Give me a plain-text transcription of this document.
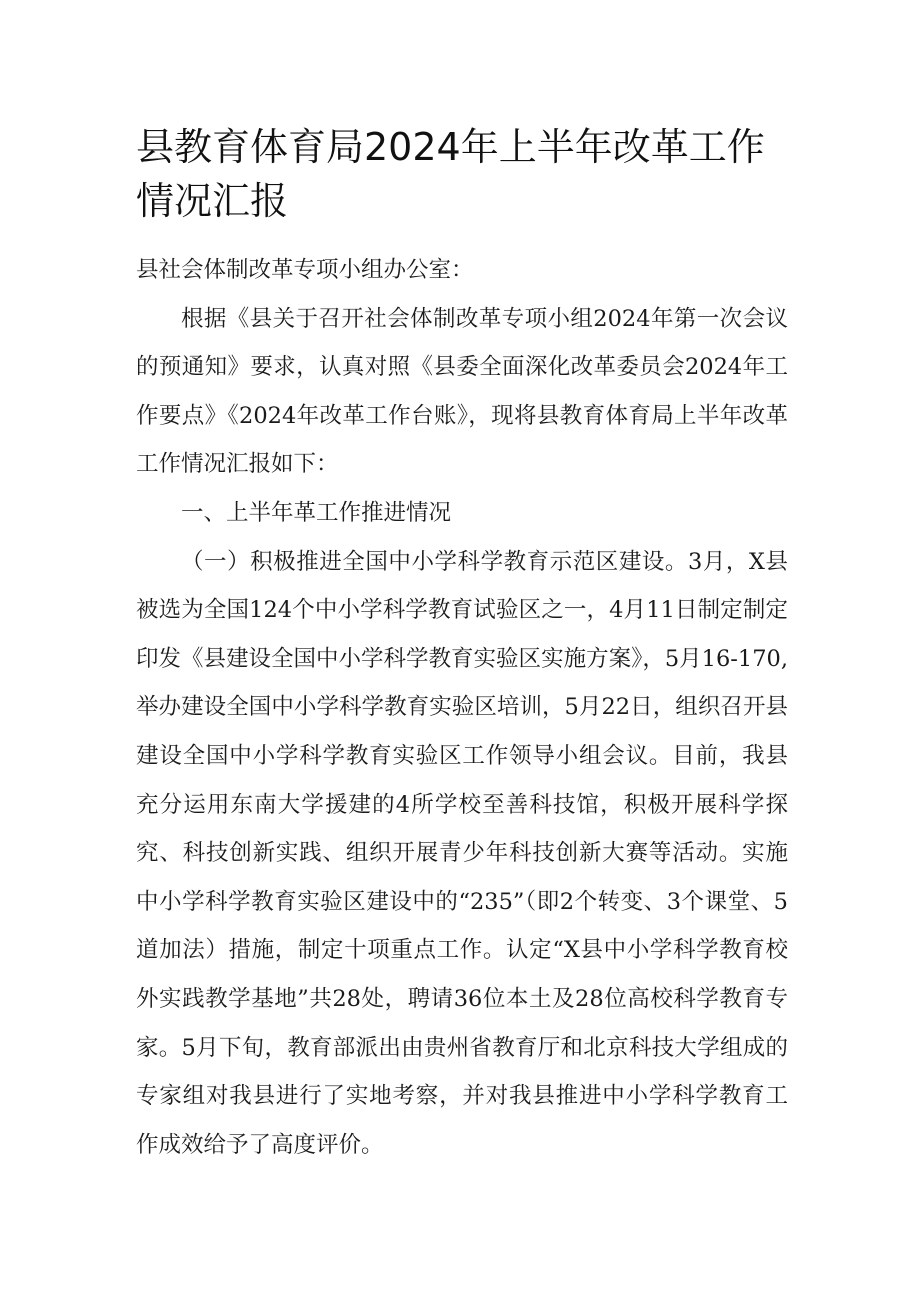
县教育体育局2024年上半年改革工作情况汇报

县社会体制改革专项小组办公室：

根据《县关于召开社会体制改革专项小组2024年第一次会议的预通知》要求，认真对照《县委全面深化改革委员会2024年工作要点》《2024年改革工作台账》，现将县教育体育局上半年改革工作情况汇报如下：

一、上半年革工作推进情况

（一）积极推进全国中小学科学教育示范区建设。3月，X县被选为全国124个中小学科学教育试验区之一，4月11日制定制定印发《县建设全国中小学科学教育实验区实施方案》，5月16-170,举办建设全国中小学科学教育实验区培训，5月22日，组织召开县建设全国中小学科学教育实验区工作领导小组会议。目前，我县充分运用东南大学援建的4所学校至善科技馆，积极开展科学探究、科技创新实践、组织开展青少年科技创新大赛等活动。实施中小学科学教育实验区建设中的“235”（即2个转变、3个课堂、5道加法）措施，制定十项重点工作。认定“X县中小学科学教育校外实践教学基地”共28处，聘请36位本土及28位高校科学教育专家。5月下旬，教育部派出由贵州省教育厅和北京科技大学组成的专家组对我县进行了实地考察，并对我县推进中小学科学教育工作成效给予了高度评价。
